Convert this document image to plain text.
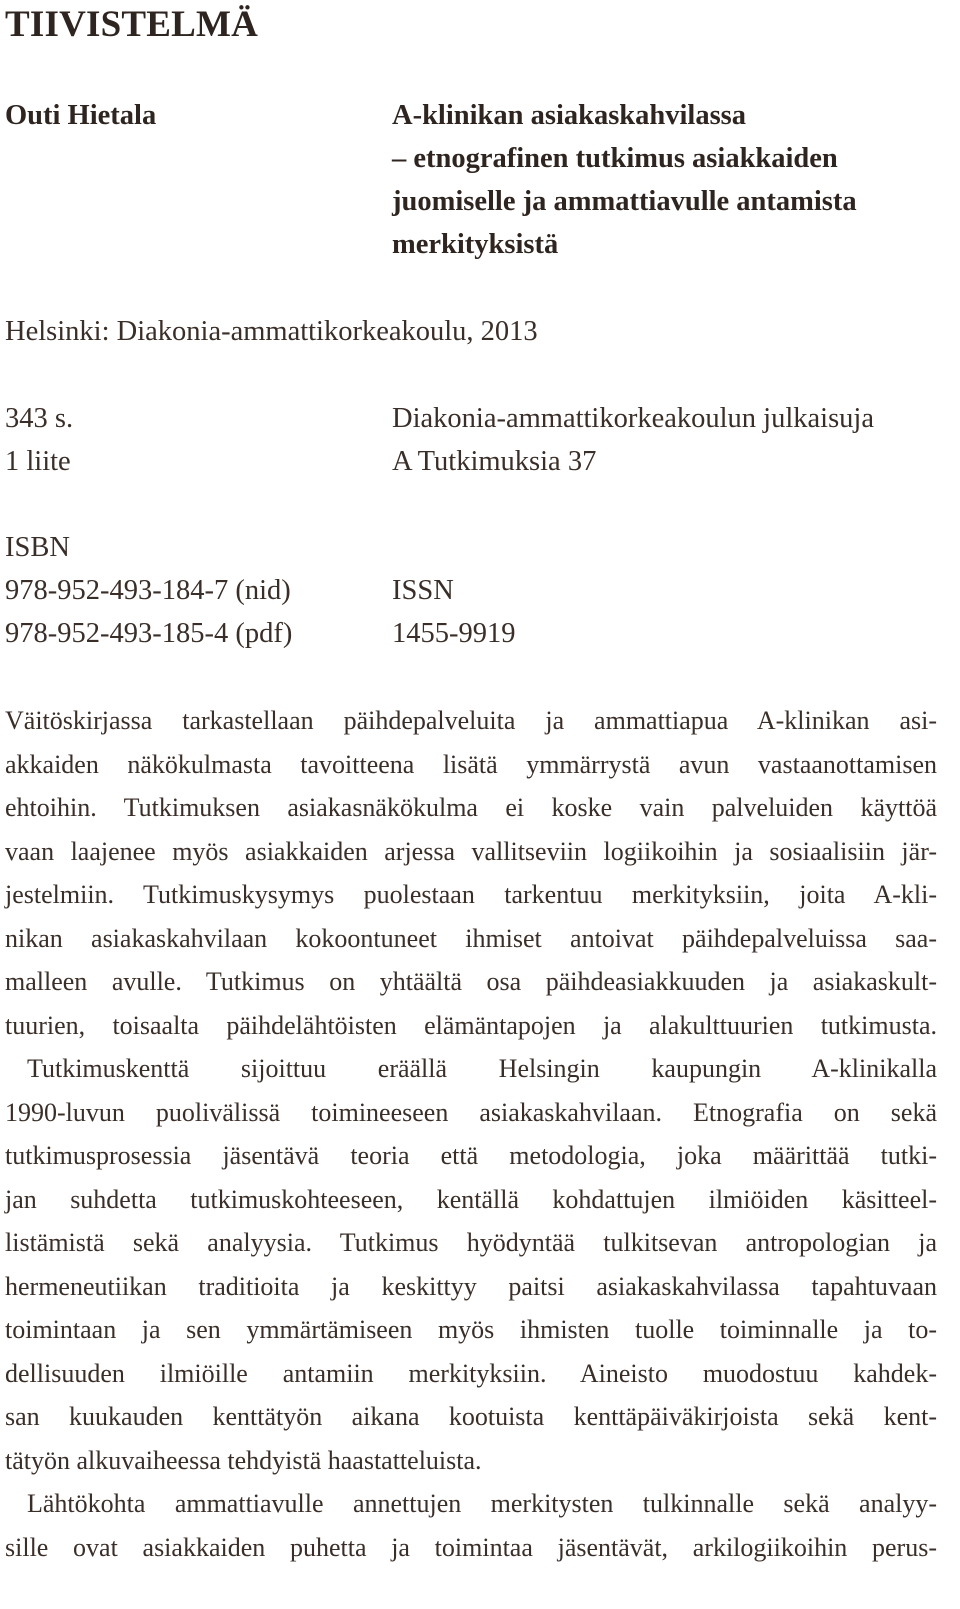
TIIVISTELMÄ
Outi Hietala	A-klinikan asiakaskahvilassa
– etnografinen tutkimus asiakkaiden
juomiselle ja ammattiavulle antamista
merkityksistä
Helsinki: Diakonia-ammattikorkeakoulu, 2013
343 s.	Diakonia-ammattikorkeakoulun julkaisuja
1 liite	A Tutkimuksia 37
ISBN
978-952-493-184-7 (nid)	ISSN
978-952-493-185-4 (pdf)	1455-9919
Väitöskirjassa tarkastellaan päihdepalveluita ja ammattiapua A-klinikan asi-
akkaiden näkökulmasta tavoitteena lisätä ymmärrystä avun vastaanottamisen
ehtoihin. Tutkimuksen asiakasnäkökulma ei koske vain palveluiden käyttöä
vaan laajenee myös asiakkaiden arjessa vallitseviin logiikoihin ja sosiaalisiin jär-
jestelmiin. Tutkimuskysymys puolestaan tarkentuu merkityksiin, joita A-kli-
nikan asiakaskahvilaan kokoontuneet ihmiset antoivat päihdepalveluissa saa-
malleen avulle. Tutkimus on yhtäältä osa päihdeasiakkuuden ja asiakaskult-
tuurien, toisaalta päihdelähtöisten elämäntapojen ja alakulttuurien tutkimusta.
Tutkimuskenttä sijoittuu eräällä Helsingin kaupungin A-klinikalla
1990-luvun puolivälissä toimineeseen asiakaskahvilaan. Etnografia on sekä
tutkimusprosessia jäsentävä teoria että metodologia, joka määrittää tutki-
jan suhdetta tutkimuskohteeseen, kentällä kohdattujen ilmiöiden käsitteel-
listämistä sekä analyysia. Tutkimus hyödyntää tulkitsevan antropologian ja
hermeneutiikan traditioita ja keskittyy paitsi asiakaskahvilassa tapahtuvaan
toimintaan ja sen ymmärtämiseen myös ihmisten tuolle toiminnalle ja to-
dellisuuden ilmiöille antamiin merkityksiin. Aineisto muodostuu kahdek-
san kuukauden kenttätyön aikana kootuista kenttäpäiväkirjoista sekä kent-
tätyön alkuvaiheessa tehdyistä haastatteluista.
Lähtökohta ammattiavulle annettujen merkitysten tulkinnalle sekä analyy-
sille ovat asiakkaiden puhetta ja toimintaa jäsentävät, arkilogiikoihin perus-
